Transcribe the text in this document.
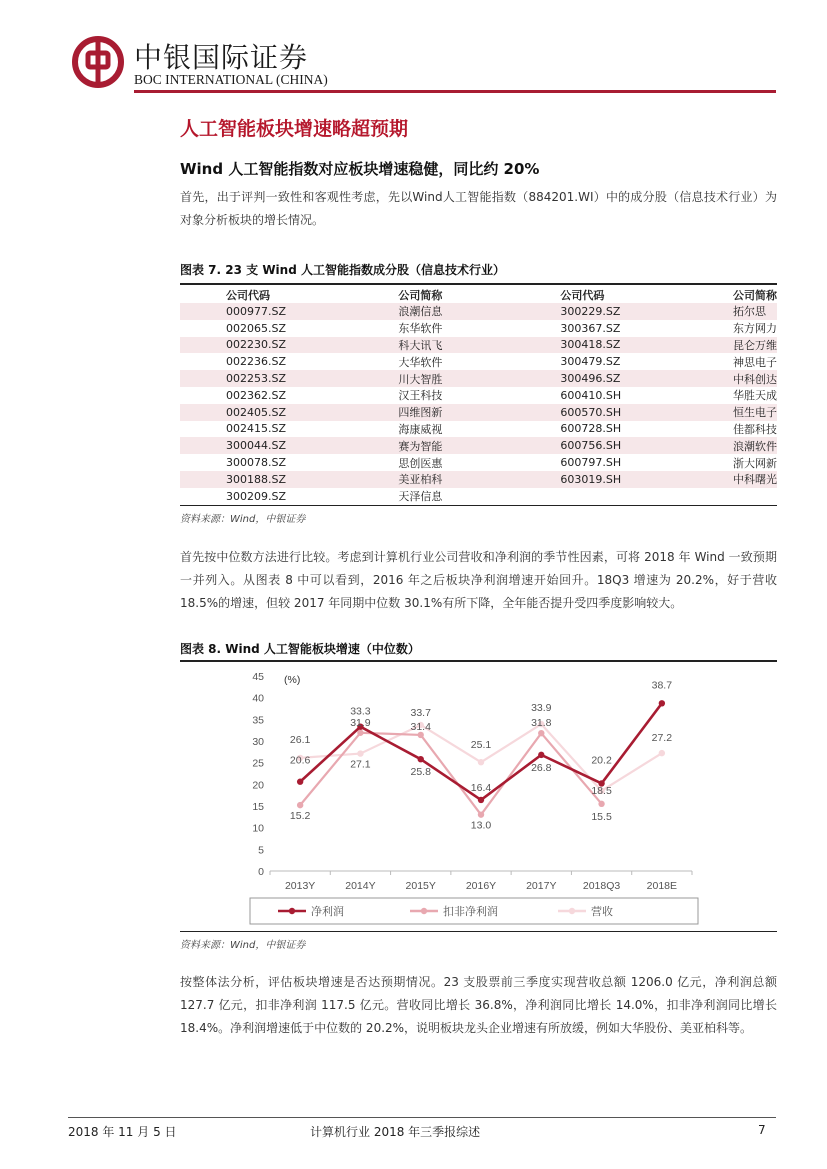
中银国际证券
BOC INTERNATIONAL (CHINA)
人工智能板块增速略超预期
Wind 人工智能指数对应板块增速稳健，同比约 20%
首先，出于评判一致性和客观性考虑，先以Wind人工智能指数（884201.WI）中的成分股（信息技术行业）为对象分析板块的增长情况。
图表 7. 23 支 Wind 人工智能指数成分股（信息技术行业）
公司代码	公司简称	公司代码	公司简称
000977.SZ	浪潮信息	300229.SZ	拓尔思
002065.SZ	东华软件	300367.SZ	东方网力
002230.SZ	科大讯飞	300418.SZ	昆仑万维
002236.SZ	大华软件	300479.SZ	神思电子
002253.SZ	川大智胜	300496.SZ	中科创达
002362.SZ	汉王科技	600410.SH	华胜天成
002405.SZ	四维图新	600570.SH	恒生电子
002415.SZ	海康威视	600728.SH	佳都科技
300044.SZ	赛为智能	600756.SH	浪潮软件
300078.SZ	思创医惠	600797.SH	浙大网新
300188.SZ	美亚柏科	603019.SH	中科曙光
300209.SZ	天泽信息		
资料来源：Wind，中银证券
首先按中位数方法进行比较。考虑到计算机行业公司营收和净利润的季节性因素，可将 2018 年 Wind 一致预期一并列入。从图表 8 中可以看到，2016 年之后板块净利润增速开始回升。18Q3 增速为 20.2%，好于营收 18.5%的增速，但较 2017 年同期中位数 30.1%有所下降，全年能否提升受四季度影响较大。
图表 8. Wind 人工智能板块增速（中位数）
0
5
10
15
20
25
30
35
40
45 (%)
2013Y	2014Y	2015Y	2016Y	2017Y	2018Q3	2018E
26.1
27.1
33.7
25.1
33.9
18.5
27.2
15.2
31.9	31.4
13.0
31.8
15.5
20.6
33.3
25.8
16.4
26.8
20.2
38.7
净利润	扣非净利润	营收
资料来源：Wind，中银证券
按整体法分析，评估板块增速是否达预期情况。23 支股票前三季度实现营收总额 1206.0 亿元，净利润总额 127.7 亿元，扣非净利润 117.5 亿元。营收同比增长 36.8%，净利润同比增长 14.0%，扣非净利润同比增长 18.4%。净利润增速低于中位数的 20.2%，说明板块龙头企业增速有所放缓，例如大华股份、美亚柏科等。
2018 年 11 月 5 日	计算机行业 2018 年三季报综述	7
